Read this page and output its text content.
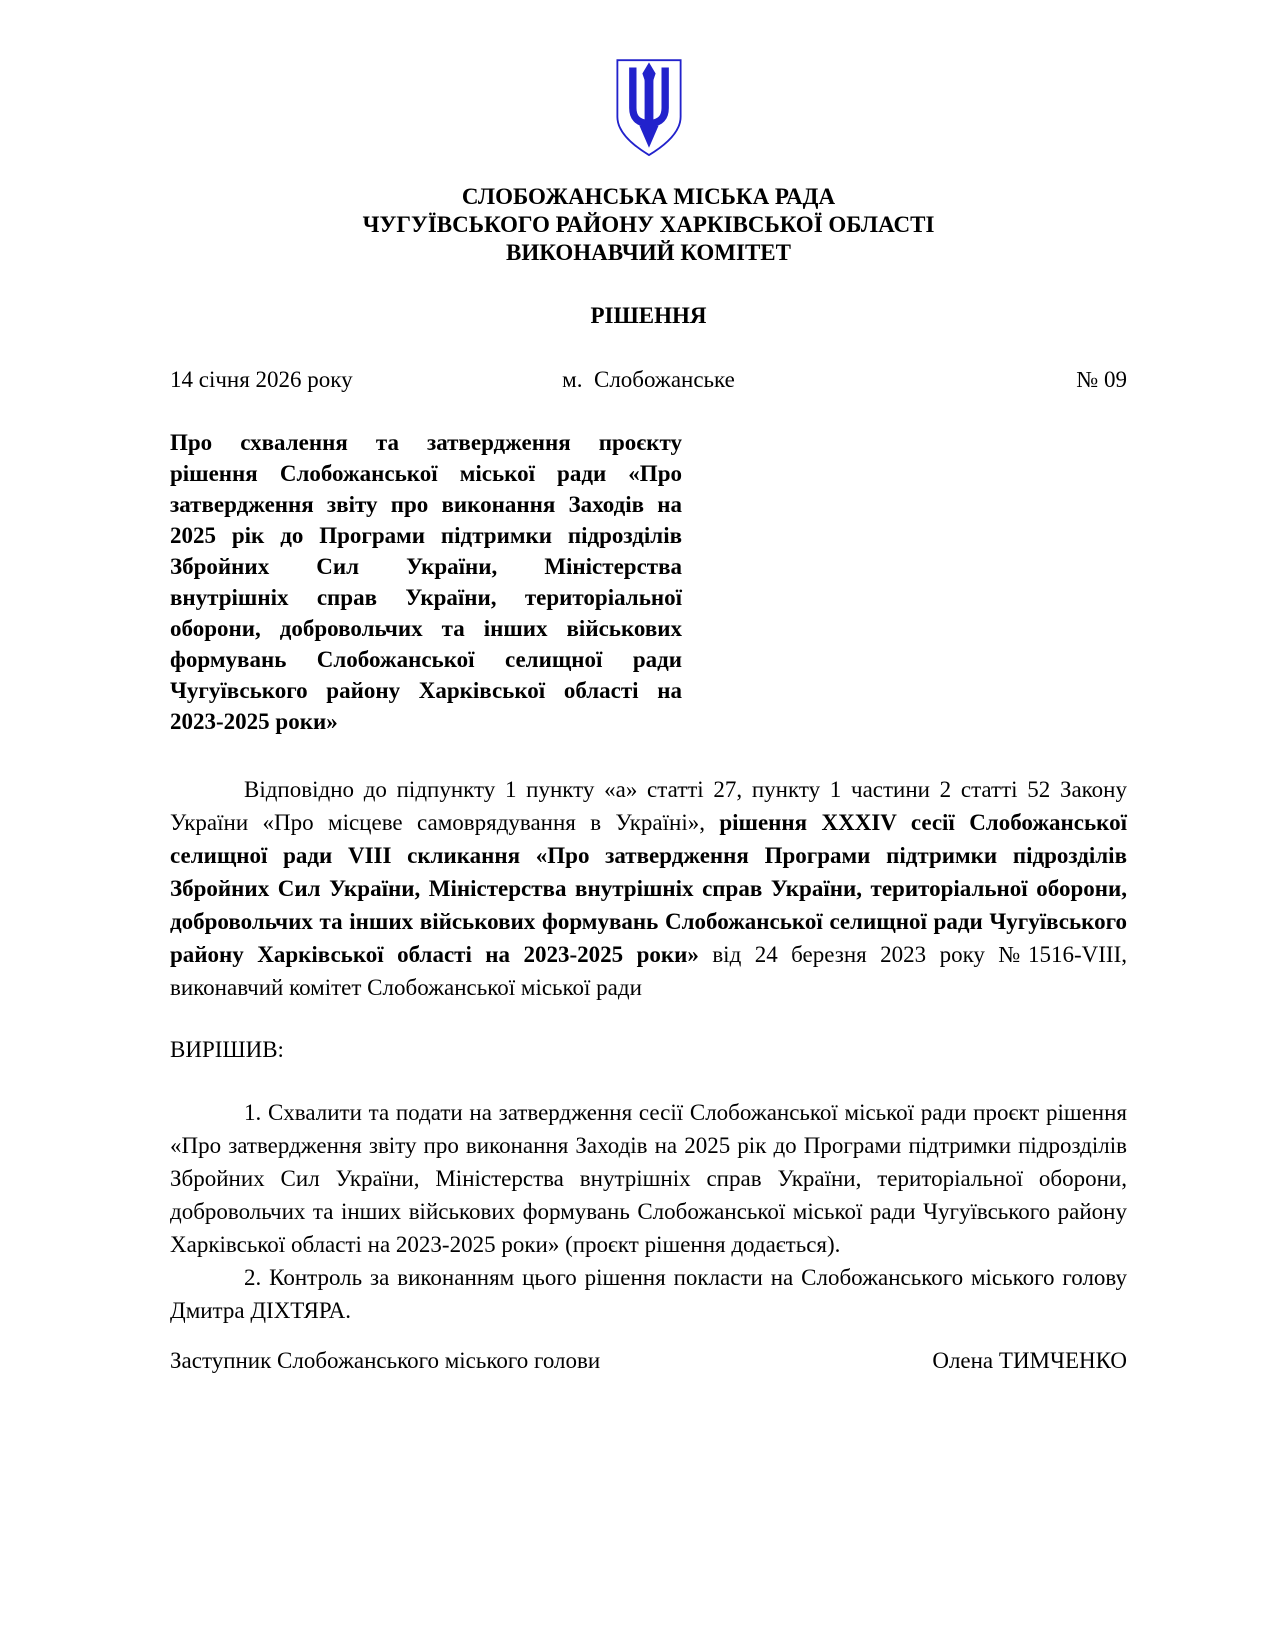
СЛОБОЖАНСЬКА МІСЬКА РАДА
ЧУГУЇВСЬКОГО РАЙОНУ ХАРКІВСЬКОЇ ОБЛАСТІ
ВИКОНАВЧИЙ КОМІТЕТ
РІШЕННЯ
14 січня 2026 року	м.  Слобожанське	№ 09
Про схвалення та затвердження проєкту рішення Слобожанської міської ради «Про затвердження звіту про виконання Заходів на 2025 рік до Програми підтримки підрозділів Збройних Сил України, Міністерства внутрішніх справ України, територіальної оборони, добровольчих та інших військових формувань Слобожанської селищної ради Чугуївського району Харківської області на 2023-2025 роки»

Відповідно до підпункту 1 пункту «а» статті 27, пункту 1 частини 2 статті 52 Закону України «Про місцеве самоврядування в Україні», рішення XXXIV сесії Слобожанської селищної ради VIII скликання «Про затвердження Програми підтримки підрозділів Збройних Сил України, Міністерства внутрішніх справ України, територіальної оборони, добровольчих та інших військових формувань Слобожанської селищної ради Чугуївського району Харківської області на 2023-2025 роки» від 24 березня 2023 року №1516-VIII, виконавчий комітет Слобожанської міської ради

ВИРІШИВ:

1. Схвалити та подати на затвердження сесії Слобожанської міської ради проєкт рішення «Про затвердження звіту про виконання Заходів на 2025 рік до Програми підтримки підрозділів Збройних Сил України, Міністерства внутрішніх справ України, територіальної оборони, добровольчих та інших військових формувань Слобожанської міської ради Чугуївського району Харківської області на 2023-2025 роки» (проєкт рішення додається).

2. Контроль за виконанням цього рішення покласти на Слобожанського міського голову Дмитра ДІХТЯРА.

Заступник Слобожанського міського голови	Олена ТИМЧЕНКО
